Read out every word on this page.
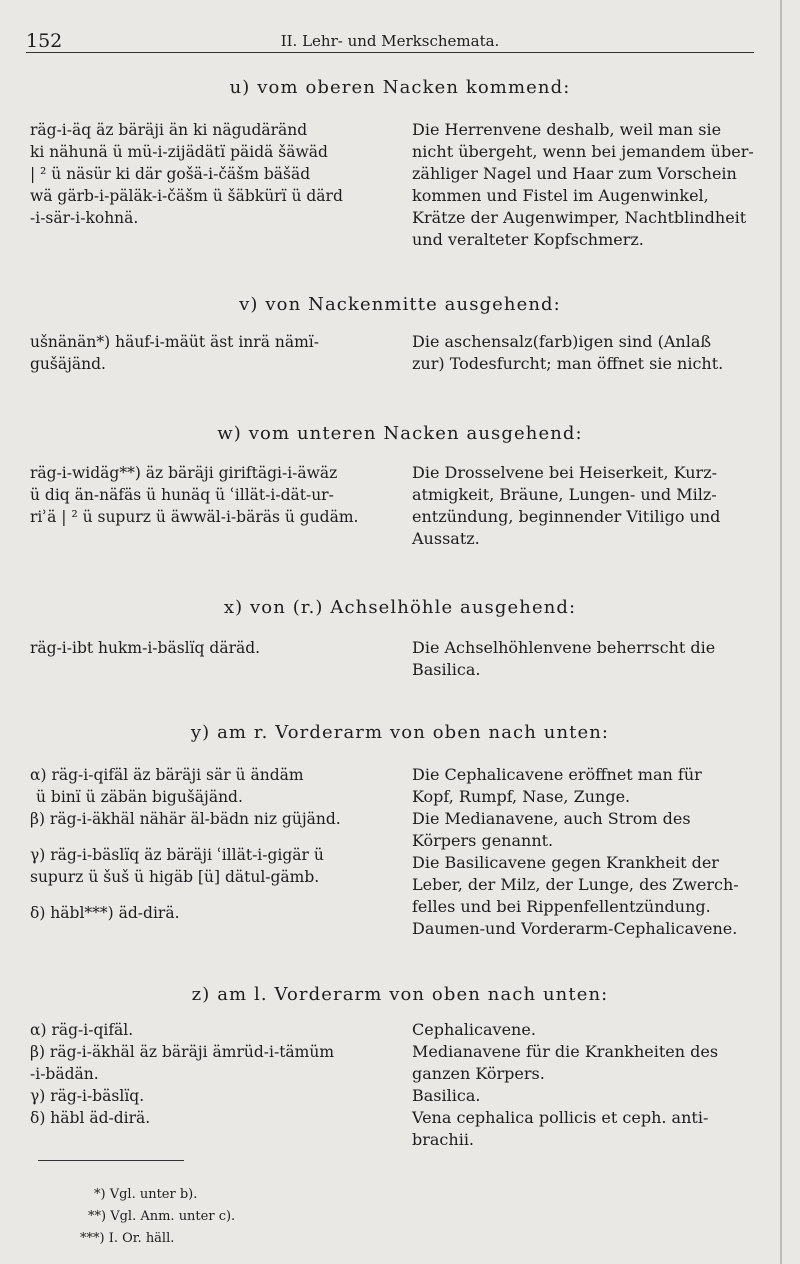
152	II. Lehr- und Merkschemata.
u) vom oberen Nacken kommend:
räg-i-äq äz bäräji än ki nägudäränd
ki nähunä ü mü-i-zijädätï päidä šäwäd
| ² ü näsür ki där gošä-i-čäšm bäšäd
wä gärb-i-päläk-i-čäšm ü šäbkürï ü därd
-i-sär-i-kohnä.
Die Herrenvene deshalb, weil man sie
nicht übergeht, wenn bei jemandem über-
zähliger Nagel und Haar zum Vorschein
kommen und Fistel im Augenwinkel,
Krätze der Augenwimper, Nachtblindheit
und veralteter Kopfschmerz.
v) von Nackenmitte ausgehend:
ušnänän*) häuf-i-mäüt äst inrä nämï-
gušäjänd.
Die aschensalz(farb)igen sind (Anlaß
zur) Todesfurcht; man öffnet sie nicht.
w) vom unteren Nacken ausgehend:
räg-i-widäg**) äz bäräji giriftägi-i-äwäz
ü diq än-näfäs ü hunäq ü ʿillät-i-dät-ur-
riʾä | ² ü supurz ü äwwäl-i-bäräs ü gudäm.
Die Drosselvene bei Heiserkeit, Kurz-
atmigkeit, Bräune, Lungen- und Milz-
entzündung, beginnender Vitiligo und
Aussatz.
x) von (r.) Achselhöhle ausgehend:
räg-i-ibt hukm-i-bäslïq däräd.	Die Achselhöhlenvene beherrscht die
Basilica.
y) am r. Vorderarm von oben nach unten:
α) räg-i-qifäl äz bäräji sär ü ändäm
ü binï ü zäbän bigušäjänd.
β) räg-i-äkhäl nähär äl-bädn niz güjänd.
γ) räg-i-bäslïq äz bäräji ʿillät-i-gigär ü
supurz ü šuš ü higäb [ü] dätul-gämb.
δ) häbl***) äd-dirä.
Die Cephalicavene eröffnet man für
Kopf, Rumpf, Nase, Zunge.
Die Medianavene, auch Strom des
Körpers genannt.
Die Basilicavene gegen Krankheit der
Leber, der Milz, der Lunge, des Zwerch-
felles und bei Rippenfellentzündung.
Daumen-und Vorderarm-Cephalicavene.
z) am l. Vorderarm von oben nach unten:
α) räg-i-qifäl.
β) räg-i-äkhäl äz bäräji ämrüd-i-tämüm
-i-bädän.
γ) räg-i-bäslïq.
δ) häbl äd-dirä.
Cephalicavene.
Medianavene für die Krankheiten des
ganzen Körpers.
Basilica.
Vena cephalica pollicis et ceph. anti-
brachii.
*) Vgl. unter b).
**) Vgl. Anm. unter c).
***) I. Or. häll.
